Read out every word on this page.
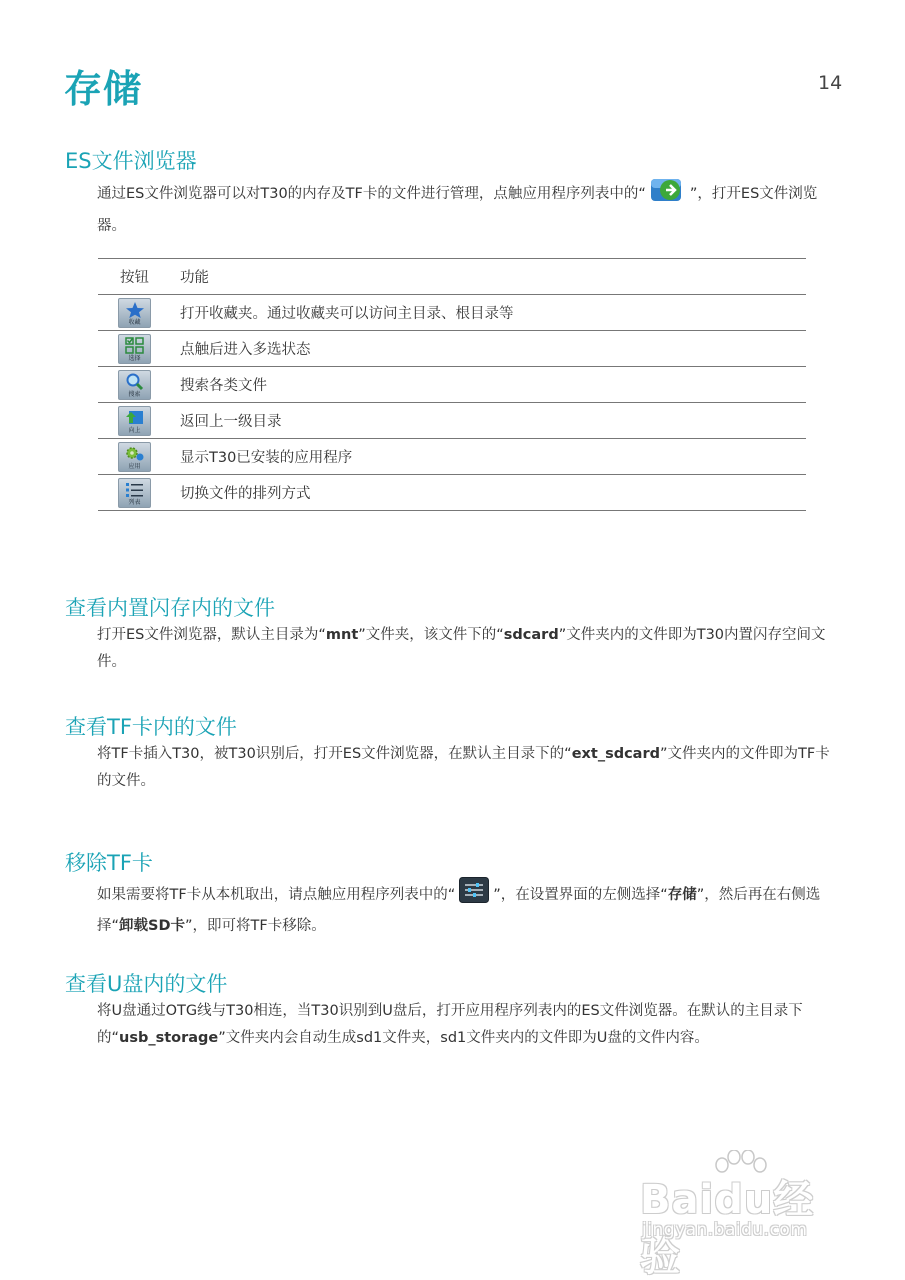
存储	14
ES文件浏览器
通过ES文件浏览器可以对T30的内存及TF卡的文件进行管理，点触应用程序列表中的“	”，打开ES文件浏览器。
按钮	功能

收藏	打开收藏夹。通过收藏夹可以访问主目录、根目录等

选择	点触后进入多选状态

搜索	搜索各类文件

向上	返回上一级目录

应用	显示T30已安装的应用程序

列表	切换文件的排列方式
查看内置闪存内的文件
打开ES文件浏览器，默认主目录为“mnt”文件夹，该文件下的“sdcard”文件夹内的文件即为T30内置闪存空间文件。
查看TF卡内的文件
将TF卡插入T30，被T30识别后，打开ES文件浏览器，在默认主目录下的“ext_sdcard”文件夹内的文件即为TF卡的文件。
移除TF卡
如果需要将TF卡从本机取出，请点触应用程序列表中的“	”，在设置界面的左侧选择“存储”，然后再在右侧选择“卸载SD卡”，即可将TF卡移除。
查看U盘内的文件
将U盘通过OTG线与T30相连，当T30识别到U盘后，打开应用程序列表内的ES文件浏览器。在默认的主目录下的“usb_storage”文件夹内会自动生成sd1文件夹，sd1文件夹内的文件即为U盘的文件内容。
Baidu经验
jingyan.baidu.com
